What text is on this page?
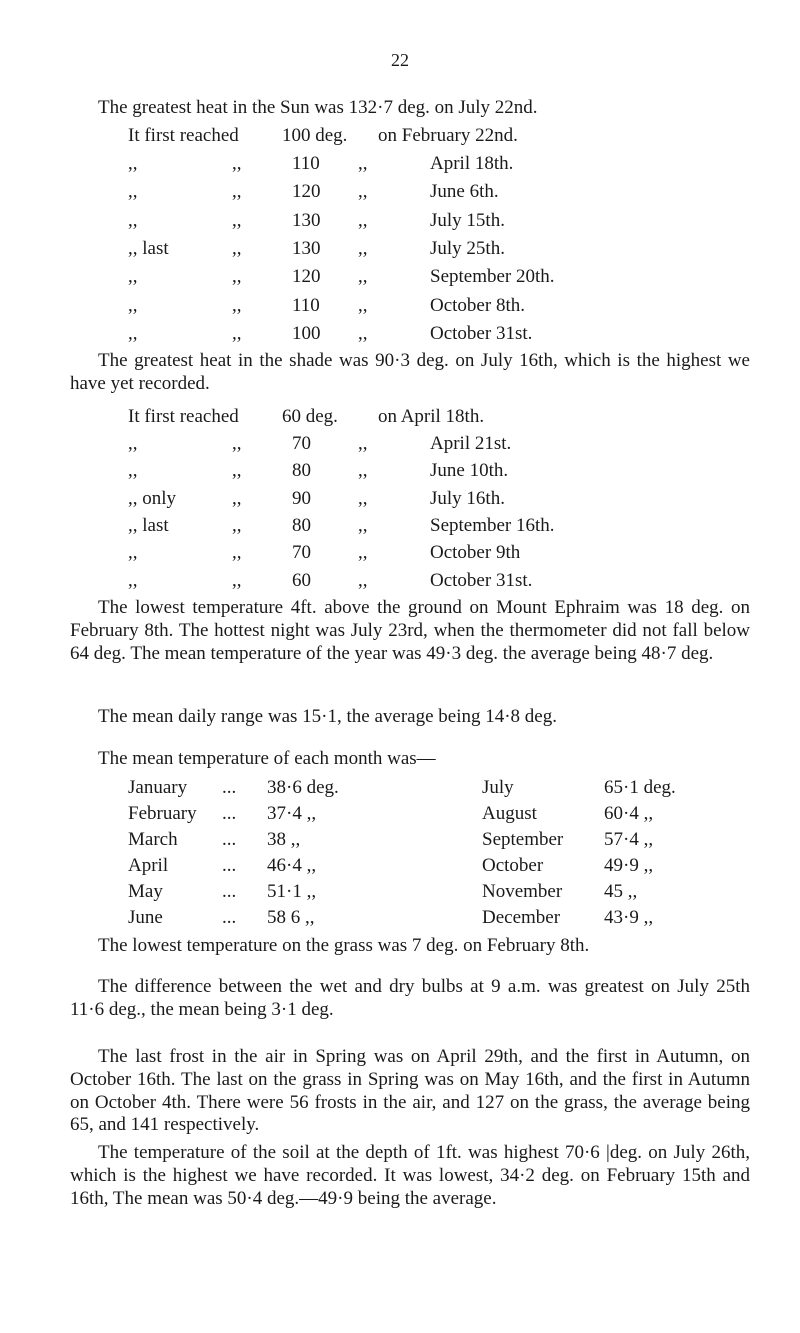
22
The greatest heat in the Sun was 132·7 deg. on July 22nd.
It first reached 100 deg. on February 22nd.
,,	,,	110 ,,	April 18th.
,,	,,	120 ,,	June 6th.
,,	,,	130 ,,	July 15th.
,, last	,,	130 ,,	July 25th.
,,	,,	120 ,,	September 20th.
,,	,,	110 ,,	October 8th.
,,	,,	100 ,,	October 31st.
The greatest heat in the shade was 90·3 deg. on July 16th, which is the highest we have yet recorded.
It first reached 60 deg. on April 18th.
,,	,,	70 ,,	April 21st.
,,	,,	80 ,,	June 10th.
,, only	,,	90 ,,	July 16th.
,, last	,,	80 ,,	September 16th.
,,	,,	70 ,,	October 9th
,,	,,	60 ,,	October 31st.
The lowest temperature 4ft. above the ground on Mount Ephraim was 18 deg. on February 8th. The hottest night was July 23rd, when the thermometer did not fall below 64 deg. The mean temperature of the year was 49·3 deg. the average being 48·7 deg.
The mean daily range was 15·1, the average being 14·8 deg.
The mean temperature of each month was—
January ... 38·6 deg.	July	65·1 deg.
February ... 37·4 ,,	August	60·4 ,,
March ... 38 ,,	September 57·4 ,,
April	... 46·4 ,,	October	49·9 ,,
May	... 51·1 ,,	November 45 ,,
June	... 58 6 ,,	December 43·9 ,,
The lowest temperature on the grass was 7 deg. on February 8th.
The difference between the wet and dry bulbs at 9 a.m. was greatest on July 25th 11·6 deg., the mean being 3·1 deg.
The last frost in the air in Spring was on April 29th, and the first in Autumn, on October 16th. The last on the grass in Spring was on May 16th, and the first in Autumn on October 4th. There were 56 frosts in the air, and 127 on the grass, the average being 65, and 141 respectively.
The temperature of the soil at the depth of 1ft. was highest 70·6 |deg. on July 26th, which is the highest we have recorded. It was lowest, 34·2 deg. on February 15th and 16th, The mean was 50·4 deg.—49·9 being the average.
